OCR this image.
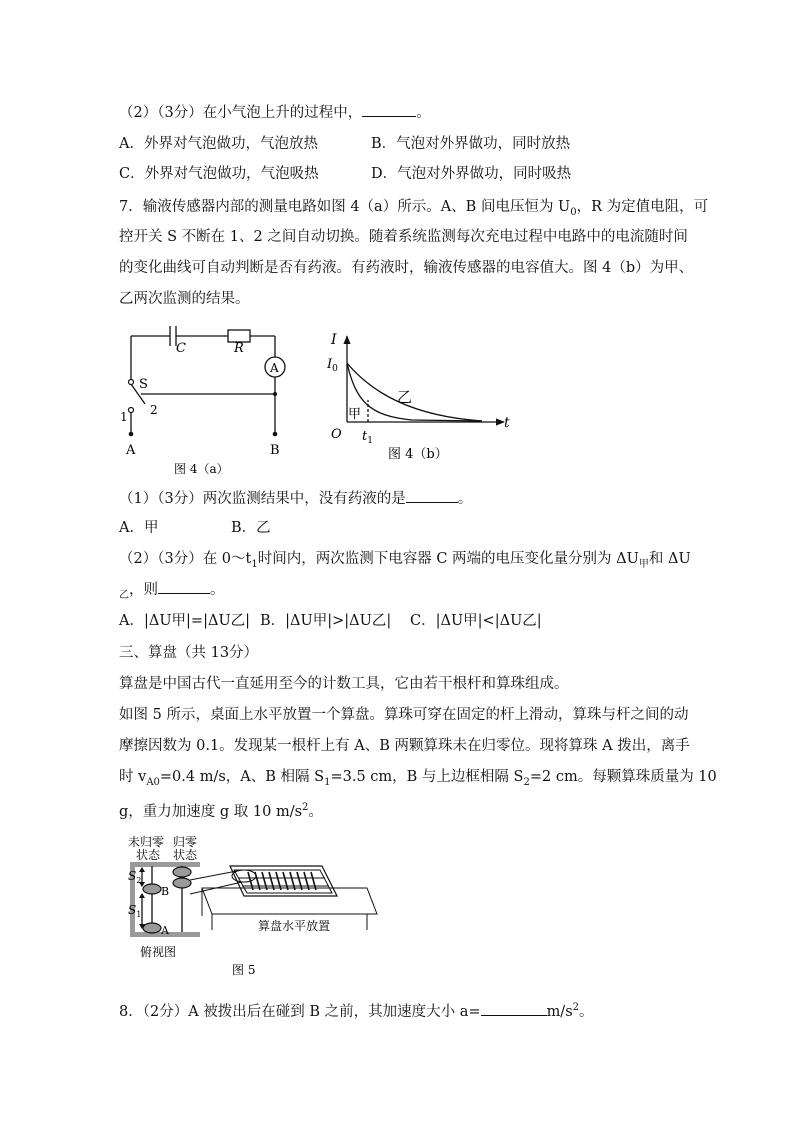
（2）（3分）在小气泡上升的过程中，	。
A．外界对气泡做功，气泡放热	B．气泡对外界做功，同时放热
C．外界对气泡做功，气泡吸热	D．气泡对外界做功，同时吸热
7．输液传感器内部的测量电路如图 4（a）所示。A、B 间电压恒为 $U_0$，R 为定值电阻，可
控开关 S 不断在 1、2 之间自动切换。随着系统监测每次充电过程中电路中的电流随时间
的变化曲线可自动判断是否有药液。有药液时，输液传感器的电容值大。图 4（b）为甲、
乙两次监测的结果。
C	R
A
S
1 2
A	B
图 4（a）
I
$I_0$
O $t_1$
t
甲
乙
图 4（b）
（1）（3分）两次监测结果中，没有药液的是	。
A．甲	B．乙
（2）（3分）在 $0\sim t_1$时间内，两次监测下电容器 C 两端的电压变化量分别为 $\Delta U_甲$和 ΔU
$_乙$，则	。
A．|ΔU甲|=|ΔU乙| B．|ΔU甲|>|ΔU乙| C．|ΔU甲|<|ΔU乙|
三、算盘（共 13分）
算盘是中国古代一直延用至今的计数工具，它由若干根杆和算珠组成。
如图 5 所示，桌面上水平放置一个算盘。算珠可穿在固定的杆上滑动，算珠与杆之间的动
摩擦因数为 0.1。发现某一根杆上有 A、B 两颗算珠未在归零位。现将算珠 A 拨出，离手
时 $v_{A0}=0.4$ m/s，A、B 相隔 $S_1=3.5$ cm，B 与上边框相隔 $S_2=2$ cm。每颗算珠质量为 10
g，重力加速度 g 取 10 $m/s^2$。
未归零
状态
归零
状态
$S_2$
$S_1$
B
A
俯视图
算盘水平放置
图 5
8．（2分）A 被拨出后在碰到 B 之前，其加速度大小 a=	$m/s^2$。
